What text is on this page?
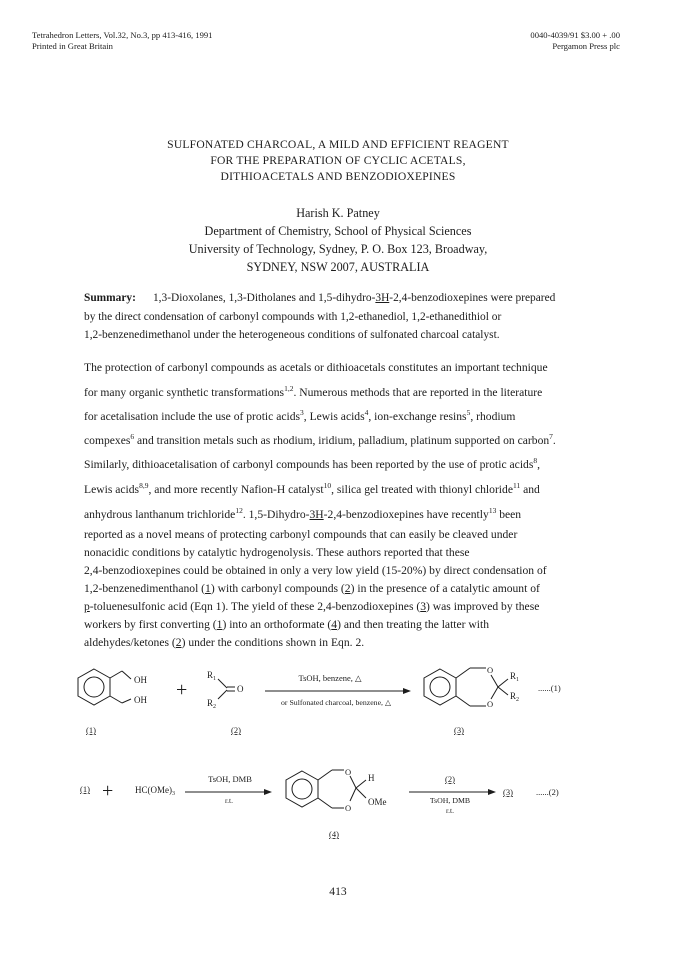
Tetrahedron Letters, Vol.32, No.3, pp 413-416, 1991
Printed in Great Britain
0040-4039/91 $3.00 + .00
Pergamon Press plc
SULFONATED CHARCOAL, A MILD AND EFFICIENT REAGENT
FOR THE PREPARATION OF CYCLIC ACETALS,
DITHIOACETALS AND BENZODIOXEPINES
Harish K. Patney
Department of Chemistry, School of Physical Sciences
University of Technology, Sydney, P. O. Box 123, Broadway,
SYDNEY, NSW 2007, AUSTRALIA
Summary: 1,3-Dioxolanes, 1,3-Ditholanes and 1,5-dihydro-3H-2,4-benzodioxepines were prepared
by the direct condensation of carbonyl compounds with 1,2-ethanediol, 1,2-ethanedithiol or
1,2-benzenedimethanol under the heterogeneous conditions of sulfonated charcoal catalyst.
The protection of carbonyl compounds as acetals or dithioacetals constitutes an important technique
for many organic synthetic transformations$^{1,2}$. Numerous methods that are reported in the literature
for acetalisation include the use of protic acids$^3$, Lewis acids$^4$, ion-exchange resins$^5$, rhodium
compexes$^6$ and transition metals such as rhodium, iridium, palladium, platinum supported on carbon$^7$.
Similarly, dithioacetalisation of carbonyl compounds has been reported by the use of protic acids$^8$,
Lewis acids$^{8,9}$, and more recently Nafion-H catalyst$^{10}$, silica gel treated with thionyl chloride$^{11}$ and
anhydrous lanthanum trichloride$^{12}$. 1,5-Dihydro-3H-2,4-benzodioxepines have recently$^{13}$ been
reported as a novel means of protecting carbonyl compounds that can easily be cleaved under
nonacidic conditions by catalytic hydrogenolysis. These authors reported that these
2,4-benzodioxepines could be obtained in only a very low yield (15-20%) by direct condensation of
1,2-benzenedimenthanol (1) with carbonyl compounds (2) in the presence of a catalytic amount of
p-toluenesulfonic acid (Eqn 1). The yield of these 2,4-benzodioxepines (3) was improved by these
workers by first converting (1) into an orthoformate (4) and then treating the latter with
aldehydes/ketones (2) under the conditions shown in Eqn. 2.
OH
OH +
$R_1$
$R_2$
O
TsOH, benzene, △
or Sulfonated charcoal, benzene, △
O
O
$R_1$
$R_2$
......(1)
(1)	(2)	(3)
$(1) + HC(OMe)_3$
TsOH, DMB
r.t.
O
O
H
OMe
(2)
TsOH, DMB
r.t.
(3)	......(2)
(4)
413
